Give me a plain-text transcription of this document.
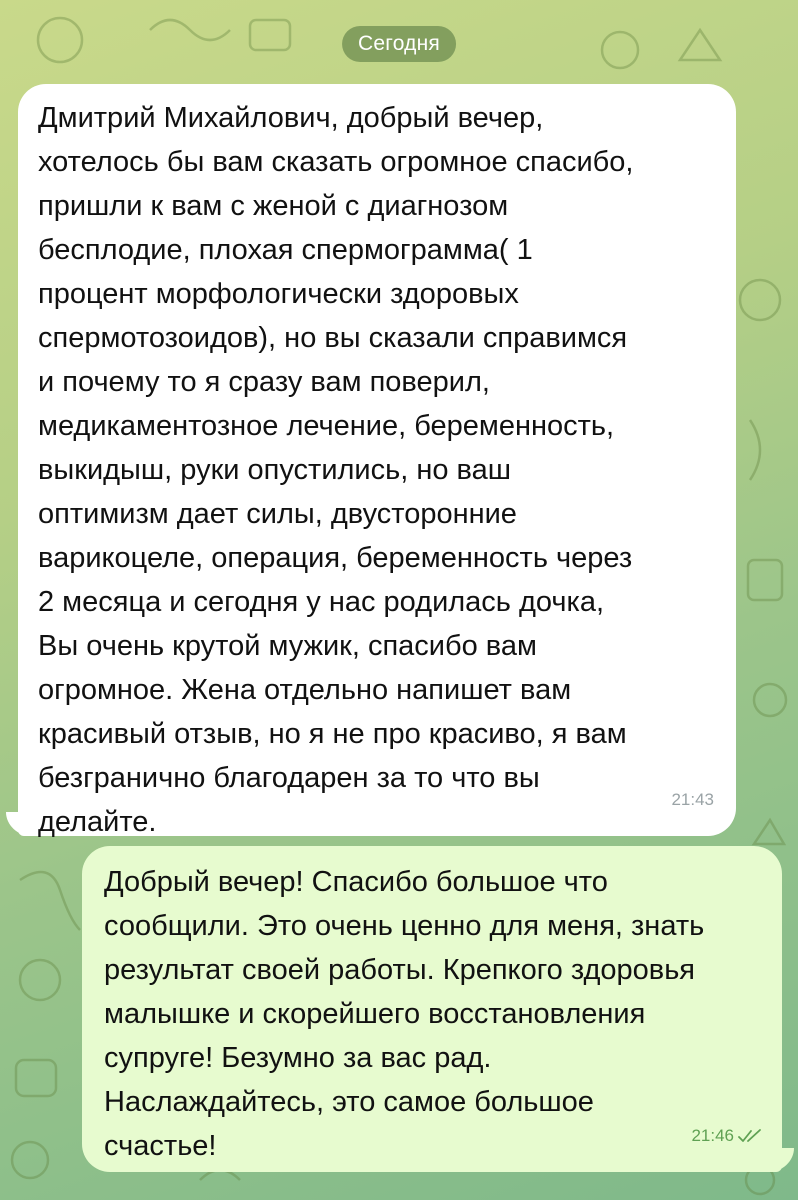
Сегодня
Дмитрий Михайлович, добрый вечер,
хотелось бы вам сказать огромное спасибо,
пришли к вам с женой с диагнозом
бесплодие, плохая спермограмма( 1
процент морфологически здоровых
спермотозоидов), но вы сказали справимся
и почему то я сразу вам поверил,
медикаментозное лечение, беременность,
выкидыш, руки опустились, но ваш
оптимизм дает силы, двусторонние
варикоцеле, операция, беременность через
2 месяца и сегодня у нас родилась дочка,
Вы очень крутой мужик, спасибо вам
огромное. Жена отдельно напишет вам
красивый отзыв, но я не про красиво, я вам
безгранично благодарен за то что вы
делайте.
21:43
Добрый вечер! Спасибо большое что
сообщили. Это очень ценно для меня, знать
результат своей работы. Крепкого здоровья
малышке и скорейшего восстановления
супруге! Безумно за вас рад.
Наслаждайтесь, это самое большое
счастье!	21:46
